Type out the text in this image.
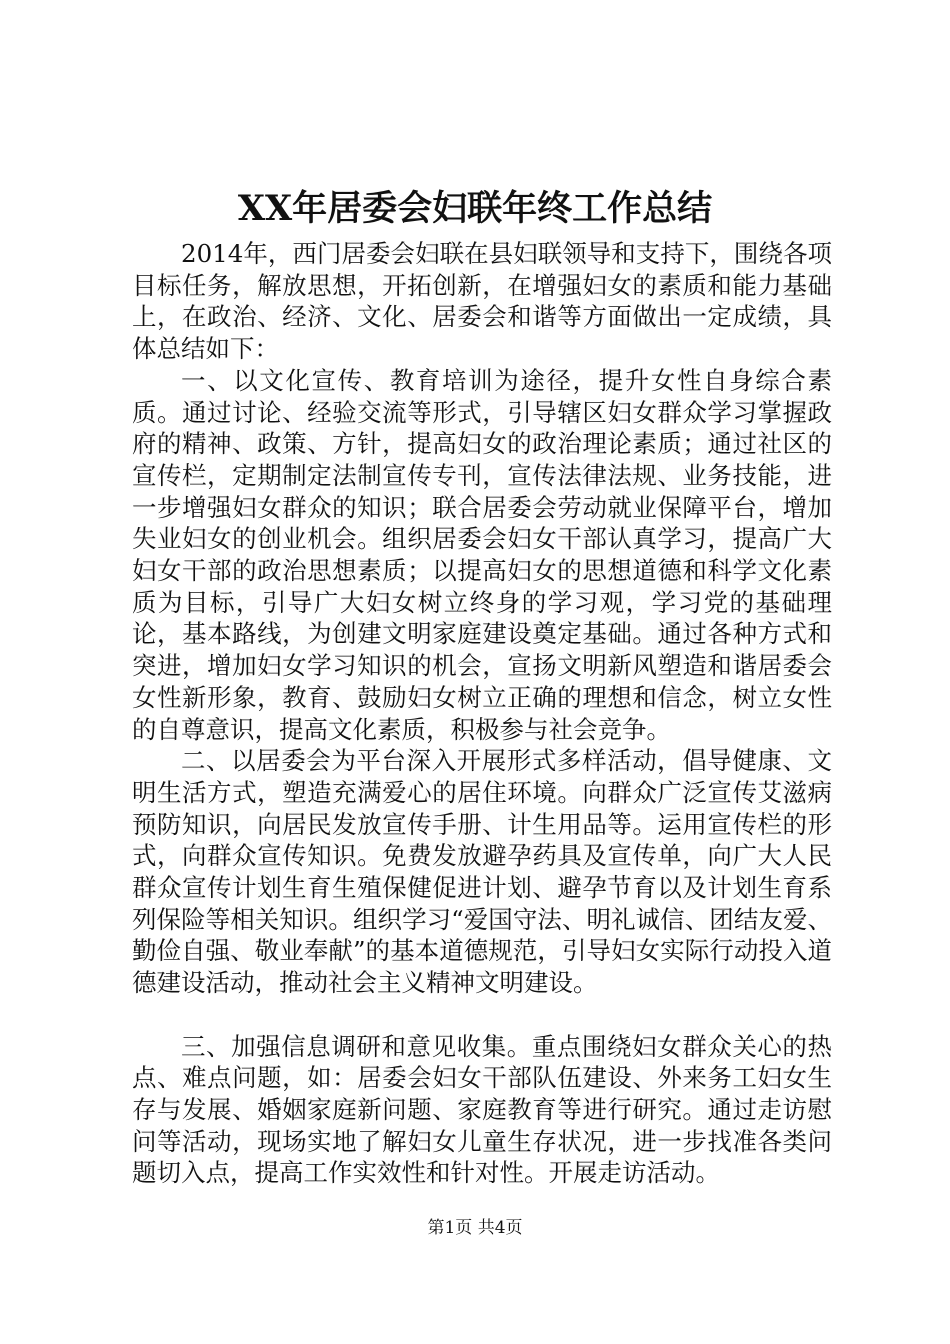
XX年居委会妇联年终工作总结

2014年，西门居委会妇联在县妇联领导和支持下，围绕各项目标任务，解放思想，开拓创新，在增强妇女的素质和能力基础上，在政治、经济、文化、居委会和谐等方面做出一定成绩，具体总结如下：

一、以文化宣传、教育培训为途径，提升女性自身综合素质。通过讨论、经验交流等形式，引导辖区妇女群众学习掌握政府的精神、政策、方针，提高妇女的政治理论素质；通过社区的宣传栏，定期制定法制宣传专刊，宣传法律法规、业务技能，进一步增强妇女群众的知识；联合居委会劳动就业保障平台，增加失业妇女的创业机会。组织居委会妇女干部认真学习，提高广大妇女干部的政治思想素质；以提高妇女的思想道德和科学文化素质为目标，引导广大妇女树立终身的学习观，学习党的基础理论，基本路线，为创建文明家庭建设奠定基础。通过各种方式和突进，增加妇女学习知识的机会，宣扬文明新风塑造和谐居委会女性新形象，教育、鼓励妇女树立正确的理想和信念，树立女性的自尊意识，提高文化素质，积极参与社会竞争。

二、以居委会为平台深入开展形式多样活动，倡导健康、文明生活方式，塑造充满爱心的居住环境。向群众广泛宣传艾滋病预防知识，向居民发放宣传手册、计生用品等。运用宣传栏的形式，向群众宣传知识。免费发放避孕药具及宣传单，向广大人民群众宣传计划生育生殖保健促进计划、避孕节育以及计划生育系列保险等相关知识。组织学习“爱国守法、明礼诚信、团结友爱、勤俭自强、敬业奉献”的基本道德规范，引导妇女实际行动投入道德建设活动，推动社会主义精神文明建设。

三、加强信息调研和意见收集。重点围绕妇女群众关心的热点、难点问题，如：居委会妇女干部队伍建设、外来务工妇女生存与发展、婚姻家庭新问题、家庭教育等进行研究。通过走访慰问等活动，现场实地了解妇女儿童生存状况，进一步找准各类问题切入点，提高工作实效性和针对性。开展走访活动。

第1页 共4页
